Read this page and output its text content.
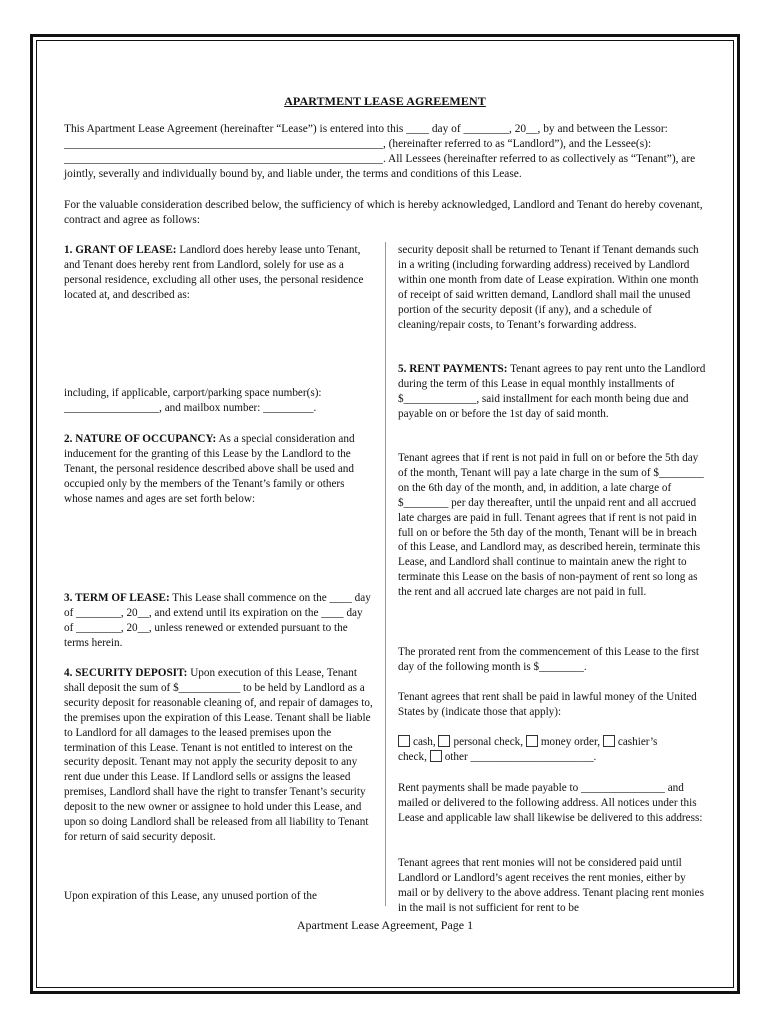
APARTMENT LEASE AGREEMENT
This Apartment Lease Agreement (hereinafter “Lease”) is entered into this ____ day of ________, 20__, by and between the Lessor: ________________________________________________________, (hereinafter referred to as “Landlord”), and the Lessee(s): ________________________________________________________. All Lessees (hereinafter referred to as collectively as “Tenant”), are jointly, severally and individually bound by, and liable under, the terms and conditions of this Lease.
For the valuable consideration described below, the sufficiency of which is hereby acknowledged, Landlord and Tenant do hereby covenant, contract and agree as follows:

1. GRANT OF LEASE: Landlord does hereby lease unto Tenant, and Tenant does hereby rent from Landlord, solely for use as a personal residence, excluding all other uses, the personal residence located at, and described as:

including, if applicable, carport/parking space number(s): _________________, and mailbox number: _________.

2. NATURE OF OCCUPANCY: As a special consideration and inducement for the granting of this Lease by the Landlord to the Tenant, the personal residence described above shall be used and occupied only by the members of the Tenant’s family or others whose names and ages are set forth below:

3. TERM OF LEASE: This Lease shall commence on the ____ day of ________, 20__, and extend until its expiration on the ____ day of ________, 20__, unless renewed or extended pursuant to the terms herein.

4. SECURITY DEPOSIT: Upon execution of this Lease, Tenant shall deposit the sum of $___________ to be held by Landlord as a security deposit for reasonable cleaning of, and repair of damages to, the premises upon the expiration of this Lease. Tenant shall be liable to Landlord for all damages to the leased premises upon the termination of this Lease. Tenant is not entitled to interest on the security deposit. Tenant may not apply the security deposit to any rent due under this Lease. If Landlord sells or assigns the leased premises, Landlord shall have the right to transfer Tenant’s security deposit to the new owner or assignee to hold under this Lease, and upon so doing Landlord shall be released from all liability to Tenant for return of said security deposit.

Upon expiration of this Lease, any unused portion of the

security deposit shall be returned to Tenant if Tenant demands such in a writing (including forwarding address) received by Landlord within one month from date of Lease expiration. Within one month of receipt of said written demand, Landlord shall mail the unused portion of the security deposit (if any), and a schedule of cleaning/repair costs, to Tenant’s forwarding address.

5. RENT PAYMENTS: Tenant agrees to pay rent unto the Landlord during the term of this Lease in equal monthly installments of $_____________, said installment for each month being due and payable on or before the 1st day of said month.

Tenant agrees that if rent is not paid in full on or before the 5th day of the month, Tenant will pay a late charge in the sum of $________ on the 6th day of the month, and, in addition, a late charge of $________ per day thereafter, until the unpaid rent and all accrued late charges are paid in full. Tenant agrees that if rent is not paid in full on or before the 5th day of the month, Tenant will be in breach of this Lease, and Landlord may, as described herein, terminate this Lease, and Landlord shall continue to maintain anew the right to terminate this Lease on the basis of non-payment of rent so long as the rent and all accrued late charges are not paid in full.

The prorated rent from the commencement of this Lease to the first day of the following month is $________.

Tenant agrees that rent shall be paid in lawful money of the United States by (indicate those that apply):

cash, personal check, money order, cashier’s
check, other ______________________.

Rent payments shall be made payable to _______________ and mailed or delivered to the following address. All notices under this Lease and applicable law shall likewise be delivered to this address:

Tenant agrees that rent monies will not be considered paid until Landlord or Landlord’s agent receives the rent monies, either by mail or by delivery to the above address. Tenant placing rent monies in the mail is not sufficient for rent to be

Apartment Lease Agreement, Page 1
